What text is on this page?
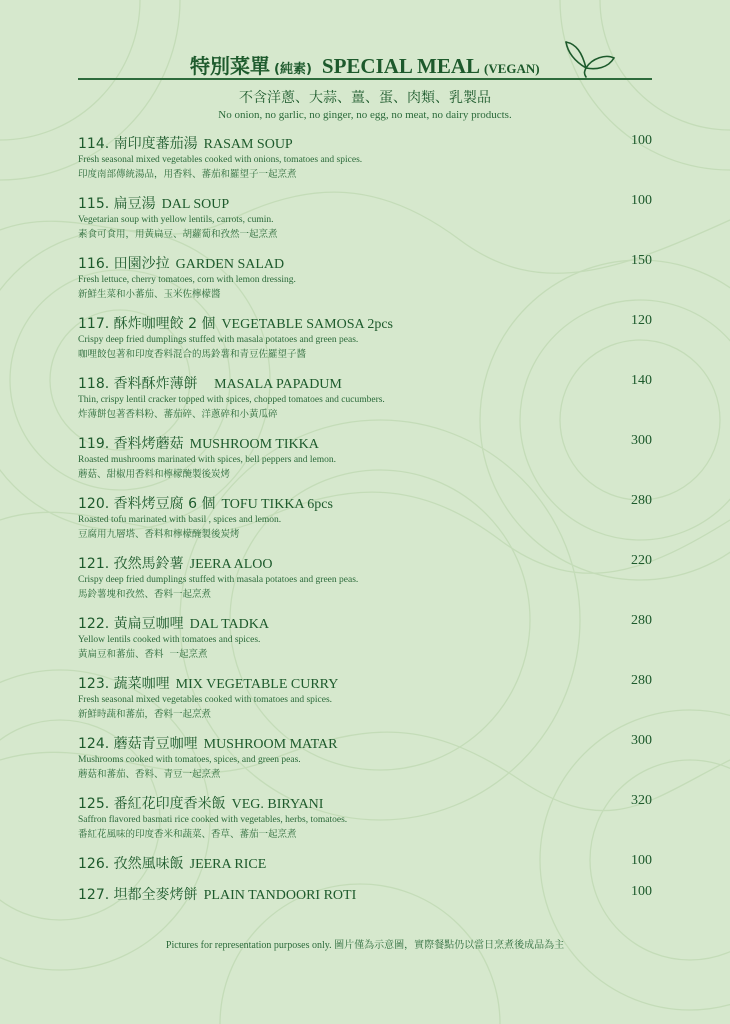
特別菜單 (純素) SPECIAL MEAL (VEGAN)
不含洋蔥、大蒜、薑、蛋、肉類、乳製品
No onion, no garlic, no ginger, no egg, no meat, no dairy products.
114. 南印度蕃茄湯 RASAM SOUP	100
Fresh seasonal mixed vegetables cooked with onions, tomatoes and spices.
印度南部傳統湯品，用香料、蕃茄和羅望子一起烹煮
115. 扁豆湯 DAL SOUP	100
Vegetarian soup with yellow lentils, carrots, cumin.
素食可食用，用黃扁豆、胡蘿蔔和孜然一起烹煮
116. 田園沙拉 GARDEN SALAD	150
Fresh lettuce, cherry tomatoes, corn with lemon dressing.
新鮮生菜和小蕃茄、玉米佐檸檬醬
117. 酥炸咖哩餃 2 個 VEGETABLE SAMOSA 2pcs	120
Crispy deep fried dumplings stuffed with masala potatoes and green peas.
咖哩餃包著和印度香料混合的馬鈴薯和青豆佐羅望子醬
118. 香料酥炸薄餅   MASALA PAPADUM	140
Thin, crispy lentil cracker topped with spices, chopped tomatoes and cucumbers.
炸薄餅包著香料粉、蕃茄碎、洋蔥碎和小黃瓜碎
119. 香料烤蘑菇 MUSHROOM TIKKA	300
Roasted mushrooms marinated with spices, bell peppers and lemon.
蘑菇、甜椒用香料和檸檬醃製後炭烤
120. 香料烤豆腐 6 個 TOFU TIKKA 6pcs	280
Roasted tofu marinated with basil , spices and lemon.
豆腐用九層塔、香料和檸檬醃製後炭烤
121. 孜然馬鈴薯 JEERA ALOO	220
Crispy deep fried dumplings stuffed with masala potatoes and green peas.
馬鈴薯塊和孜然、香料一起烹煮
122. 黃扁豆咖哩 DAL TADKA	280
Yellow lentils cooked with tomatoes and spices.
黃扁豆和蕃茄、香料  一起烹煮
123. 蔬菜咖哩 MIX VEGETABLE CURRY	280
Fresh seasonal mixed vegetables cooked with tomatoes and spices.
新鮮時蔬和蕃茄，香料一起烹煮
124. 蘑菇青豆咖哩 MUSHROOM MATAR	300
Mushrooms cooked with tomatoes, spices, and green peas.
蘑菇和蕃茄、香料、青豆一起烹煮
125. 番紅花印度香米飯 VEG. BIRYANI	320
Saffron flavored basmati rice cooked with vegetables, herbs, tomatoes.
番紅花風味的印度香米和蔬菜、香草、蕃茄一起烹煮
126. 孜然風味飯 JEERA RICE	100
127. 坦都全麥烤餅 PLAIN TANDOORI ROTI	100
Pictures for representation purposes only. 圖片僅為示意圖，實際餐點仍以當日烹煮後成品為主
